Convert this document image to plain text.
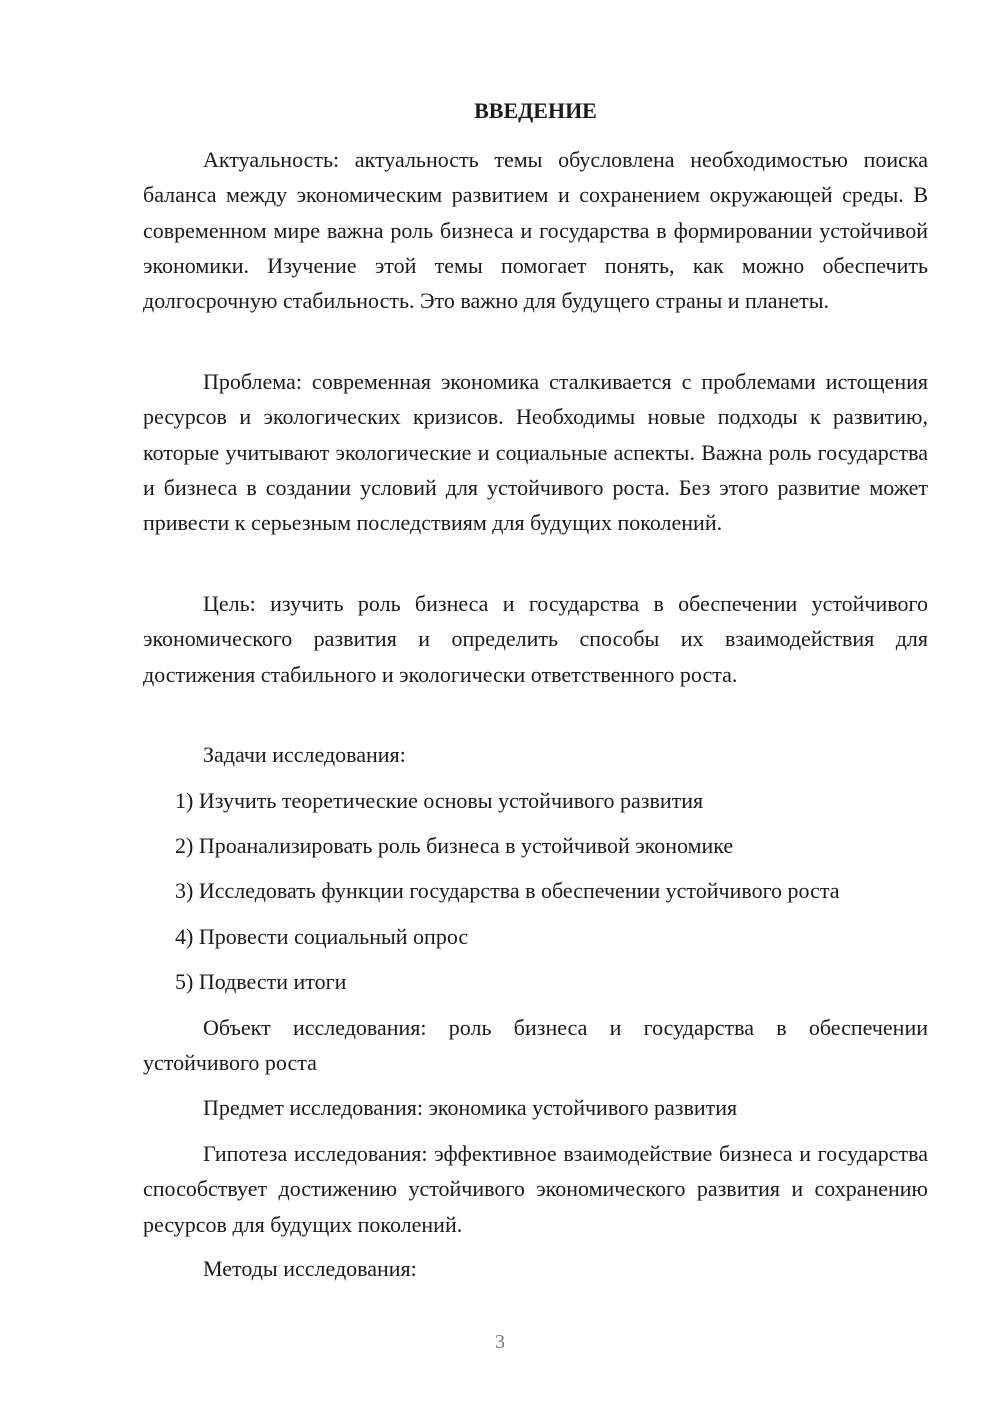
ВВЕДЕНИЕ

Актуальность: актуальность темы обусловлена необходимостью поиска баланса между экономическим развитием и сохранением окружающей среды. В современном мире важна роль бизнеса и государства в формировании устойчивой экономики. Изучение этой темы помогает понять, как можно обеспечить долгосрочную стабильность. Это важно для будущего страны и планеты.

Проблема: современная экономика сталкивается с проблемами истощения ресурсов и экологических кризисов. Необходимы новые подходы к развитию, которые учитывают экологические и социальные аспекты. Важна роль государства и бизнеса в создании условий для устойчивого роста. Без этого развитие может привести к серьезным последствиям для будущих поколений.

Цель: изучить роль бизнеса и государства в обеспечении устойчивого экономического развития и определить способы их взаимодействия для достижения стабильного и экологически ответственного роста.

Задачи исследования:

1) Изучить теоретические основы устойчивого развития

2) Проанализировать роль бизнеса в устойчивой экономике

3) Исследовать функции государства в обеспечении устойчивого роста

4) Провести социальный опрос

5) Подвести итоги

Объект исследования: роль бизнеса и государства в обеспечении устойчивого роста

Предмет исследования: экономика устойчивого развития

Гипотеза исследования: эффективное взаимодействие бизнеса и государства способствует достижению устойчивого экономического развития и сохранению ресурсов для будущих поколений.

Методы исследования:

3
